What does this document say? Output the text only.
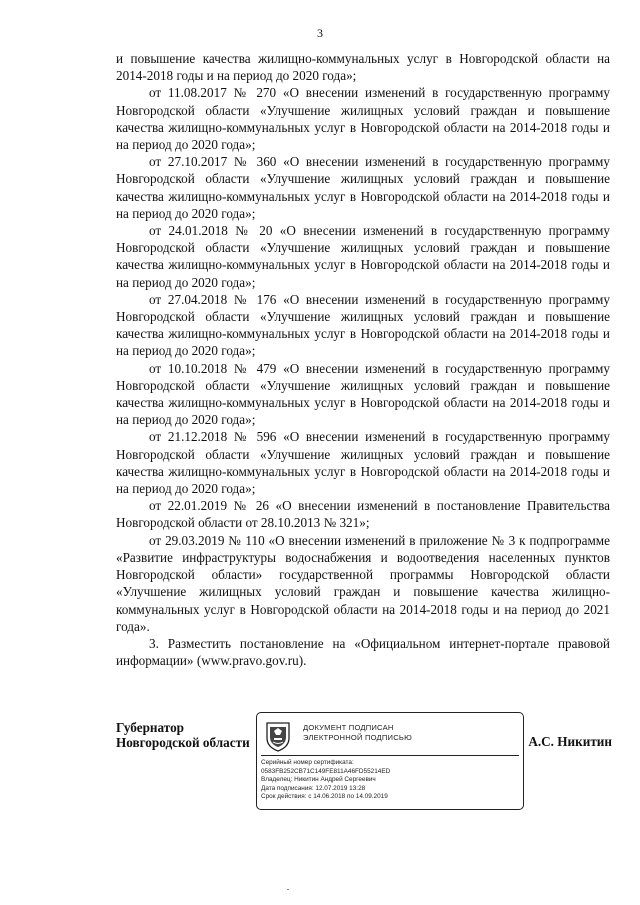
3

и повышение качества жилищно-коммунальных услуг в Новгородской области на 2014-2018 годы и на период до 2020 года»;

от 11.08.2017 № 270 «О внесении изменений в государственную программу Новгородской области «Улучшение жилищных условий граждан и повышение качества жилищно-коммунальных услуг в Новгородской области на 2014-2018 годы и на период до 2020 года»;

от 27.10.2017 № 360 «О внесении изменений в государственную программу Новгородской области «Улучшение жилищных условий граждан и повышение качества жилищно-коммунальных услуг в Новгородской области на 2014-2018 годы и на период до 2020 года»;

от 24.01.2018 № 20 «О внесении изменений в государственную программу Новгородской области «Улучшение жилищных условий граждан и повышение качества жилищно-коммунальных услуг в Новгородской области на 2014-2018 годы и на период до 2020 года»;

от 27.04.2018 № 176 «О внесении изменений в государственную программу Новгородской области «Улучшение жилищных условий граждан и повышение качества жилищно-коммунальных услуг в Новгородской области на 2014-2018 годы и на период до 2020 года»;

от 10.10.2018 № 479 «О внесении изменений в государственную программу Новгородской области «Улучшение жилищных условий граждан и повышение качества жилищно-коммунальных услуг в Новгородской области на 2014-2018 годы и на период до 2020 года»;

от 21.12.2018 № 596 «О внесении изменений в государственную программу Новгородской области «Улучшение жилищных условий граждан и повышение качества жилищно-коммунальных услуг в Новгородской области на 2014-2018 годы и на период до 2020 года»;

от 22.01.2019 № 26 «О внесении изменений в постановление Правительства Новгородской области от 28.10.2013 № 321»;

от 29.03.2019 № 110 «О внесении изменений в приложение № 3 к подпрограмме «Развитие инфраструктуры водоснабжения и водоотведения населенных пунктов Новгородской области» государственной программы Новгородской области «Улучшение жилищных условий граждан и повышение качества жилищно-коммунальных услуг в Новгородской области на 2014-2018 годы и на период до 2021 года».

3. Разместить постановление на «Официальном интернет-портале правовой информации» (www.pravo.gov.ru).

Губернатор
Новгородской области
ДОКУМЕНТ ПОДПИСАН
ЭЛЕКТРОННОЙ ПОДПИСЬЮ
Серийный номер сертификата:
0583FB252CB71C149FE811A46FD55214ED
Владелец: Никитин Андрей Сергеевич
Дата подписания: 12.07.2019 13:28
Срок действия: с 14.06.2018 по 14.09.2019
А.С. Никитин
